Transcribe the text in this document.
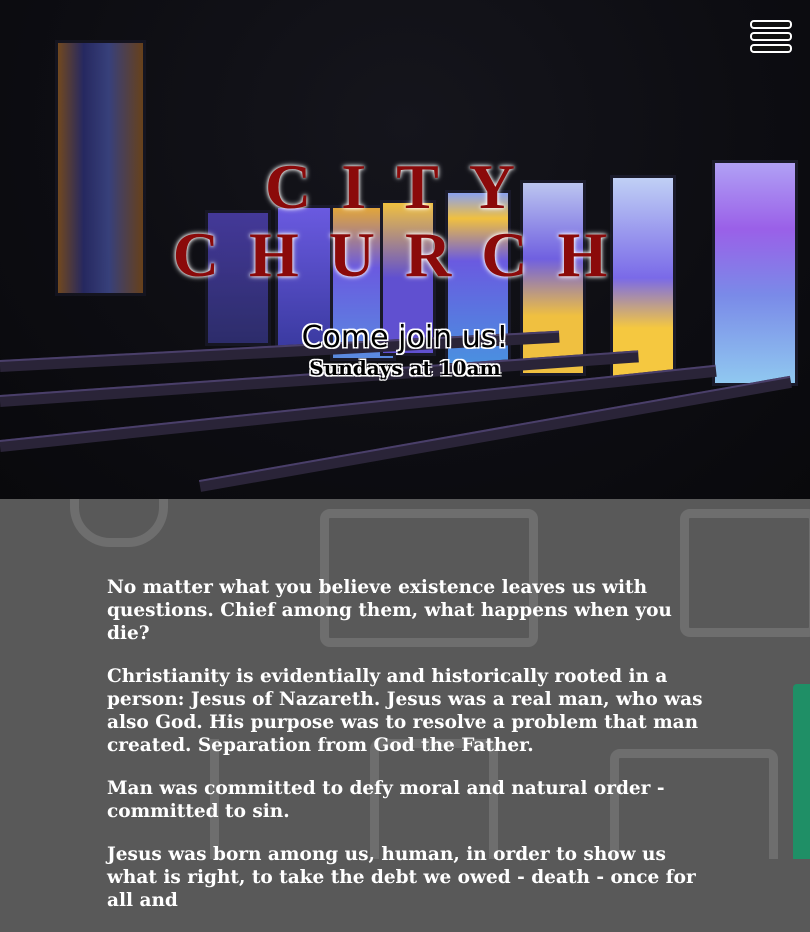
CITY
CHURCH
Come join us!
Sundays at 10am

No matter what you believe existence leaves us with questions. Chief among them, what happens when you die?

Christianity is evidentially and historically rooted in a person: Jesus of Nazareth. Jesus was a real man, who was also God. His purpose was to resolve a problem that man created. Separation from God the Father.

Man was committed to defy moral and natural order - committed to sin.

Jesus was born among us, human, in order to show us what is right, to take the debt we owed - death - once for all and
